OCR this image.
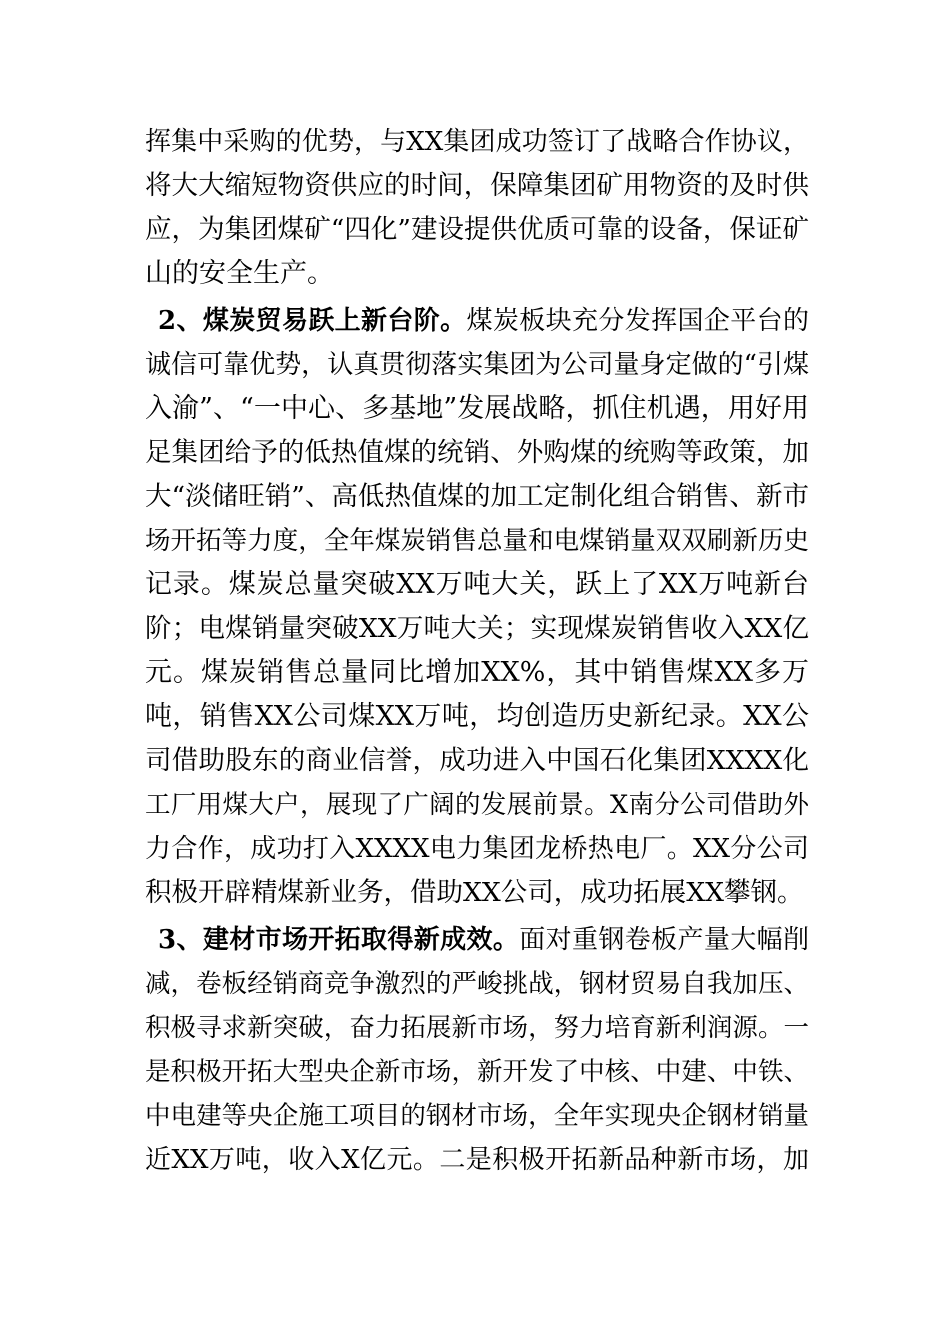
挥集中采购的优势，与XX集团成功签订了战略合作协议，
将大大缩短物资供应的时间，保障集团矿用物资的及时供
应，为集团煤矿“四化”建设提供优质可靠的设备，保证矿
山的安全生产。
2、煤炭贸易跃上新台阶。煤炭板块充分发挥国企平台的
诚信可靠优势，认真贯彻落实集团为公司量身定做的“引煤
入渝”、“一中心、多基地”发展战略，抓住机遇，用好用
足集团给予的低热值煤的统销、外购煤的统购等政策，加
大“淡储旺销”、高低热值煤的加工定制化组合销售、新市
场开拓等力度，全年煤炭销售总量和电煤销量双双刷新历史
记录。煤炭总量突破XX万吨大关，跃上了XX万吨新台
阶；电煤销量突破XX万吨大关；实现煤炭销售收入XX亿
元。煤炭销售总量同比增加XX%，其中销售煤XX多万
吨，销售XX公司煤XX万吨，均创造历史新纪录。XX公
司借助股东的商业信誉，成功进入中国石化集团XXXX化
工厂用煤大户，展现了广阔的发展前景。X南分公司借助外
力合作，成功打入XXXX电力集团龙桥热电厂。XX分公司
积极开辟精煤新业务，借助XX公司，成功拓展XX攀钢。
3、建材市场开拓取得新成效。面对重钢卷板产量大幅削
减，卷板经销商竞争激烈的严峻挑战，钢材贸易自我加压、
积极寻求新突破，奋力拓展新市场，努力培育新利润源。一
是积极开拓大型央企新市场，新开发了中核、中建、中铁、
中电建等央企施工项目的钢材市场，全年实现央企钢材销量
近XX万吨，收入X亿元。二是积极开拓新品种新市场，加
